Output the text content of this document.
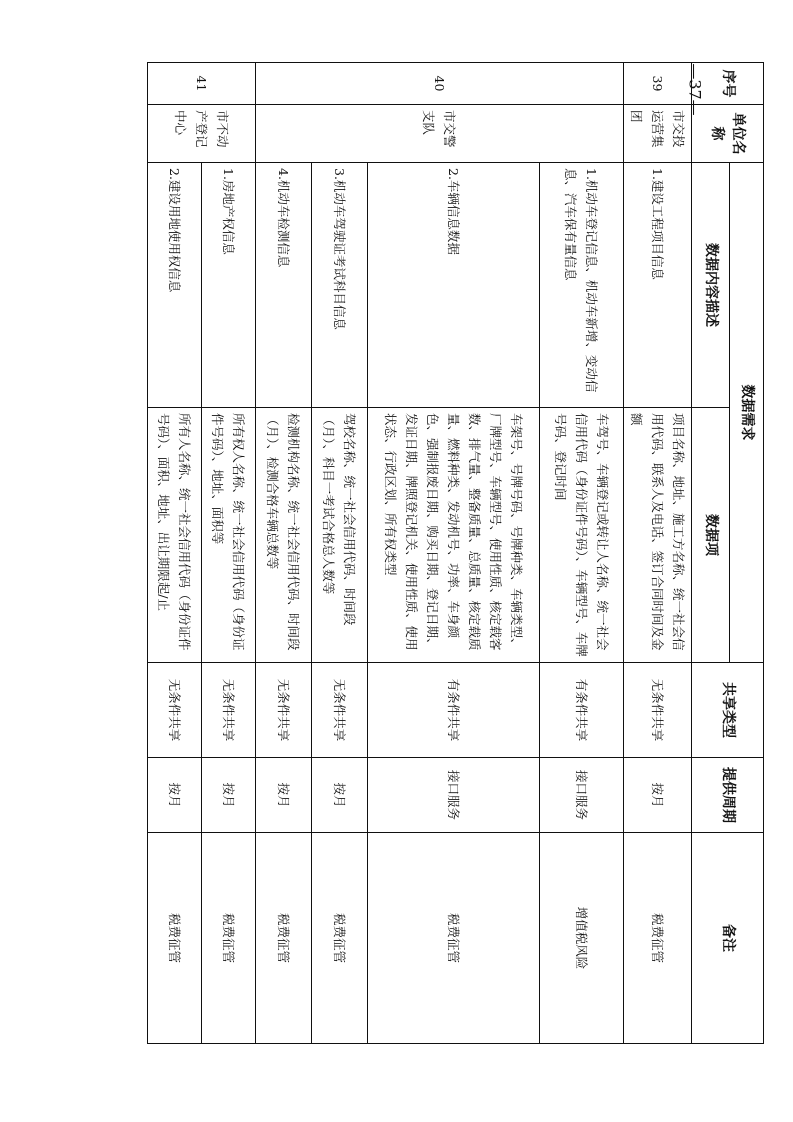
序号	单位名称	数据需求		共享类型	提供周期	备注
		数据内容描述	数据项			
39	市交投运营集团	1.建设工程项目信息	项目名称、地址、施工方名称、统一社会信用代码、联系人及电话、签订合同时间及金额	无条件共享	按月	税费征管
40	市交警支队	1.机动车登记信息、机动车新增、变动信息、汽车保有量信息	车驾号、车辆登记或转让人名称、统一社会信用代码（身份证件号码）、车辆型号、车牌号码、登记时间	有条件共享	接口服务	增值税风险
		2.车辆信息数据	车架号、号牌号码、号牌种类、车辆类型、厂牌型号、车辆型号、使用性质、核定载客数、排气量、整备质量、总质量、核定载质量、燃料种类、发动机号、功率、车身颜色、强制报废日期、购买日期、登记日期、发证日期、牌照登记机关、使用性质、使用状态、行政区划、所有权类型	有条件共享	接口服务	税费征管
		3.机动车驾驶证考试科目信息	驾校名称、统一社会信用代码、时间段（月）、科目一考试合格总人数等	无条件共享	按月	税费征管
		4.机动车检测信息	检测机构名称、统一社会信用代码、时间段（月）、检测合格车辆总数等	无条件共享	按月	税费征管
41	市不动产登记中心	1.房地产权信息	所有权人名称、统一社会信用代码（身份证件号码）、地址、面积等	无条件共享	按月	税费征管
		2.建设用地使用权信息	所有人名称、统一社会信用代码（身份证件号码）、面积、地址、出让期限起/止	无条件共享	按月	税费征管
—37—
